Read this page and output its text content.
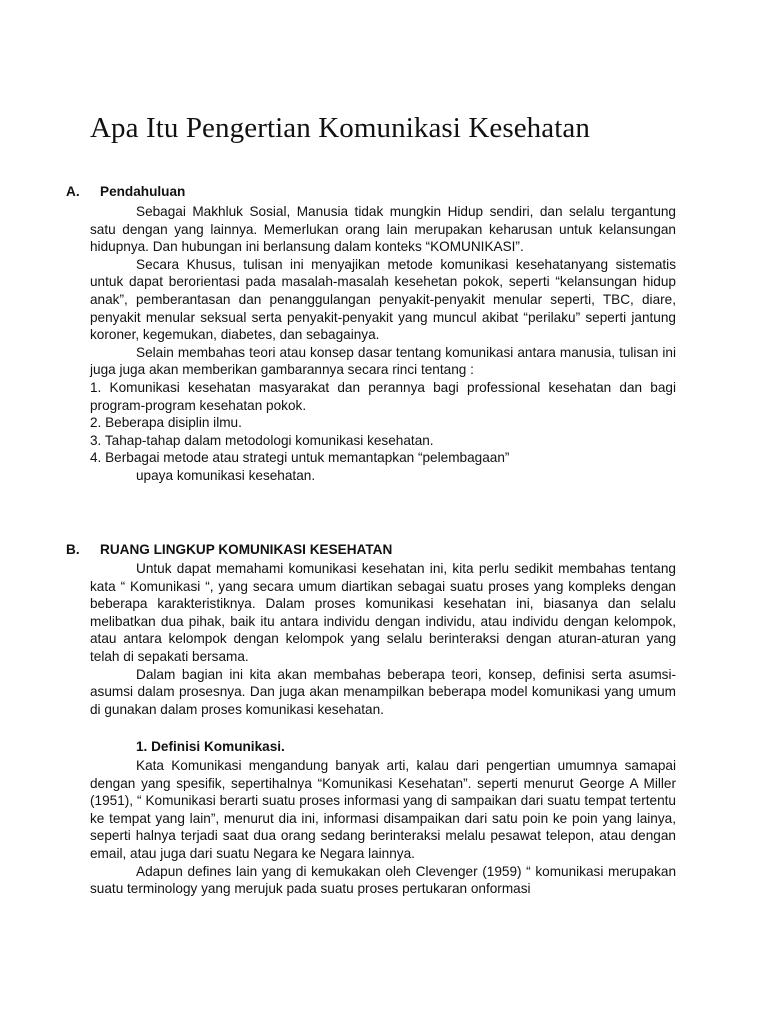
Apa Itu Pengertian Komunikasi Kesehatan
A. Pendahuluan

Sebagai Makhluk Sosial, Manusia tidak mungkin Hidup sendiri, dan selalu tergantung satu dengan yang lainnya. Memerlukan orang lain merupakan keharusan untuk kelansungan hidupnya. Dan hubungan ini berlansung dalam konteks “KOMUNIKASI”.

Secara Khusus, tulisan ini menyajikan metode komunikasi kesehatanyang sistematis untuk dapat berorientasi pada masalah-masalah kesehetan pokok, seperti “kelansungan hidup anak”, pemberantasan dan penanggulangan penyakit-penyakit menular seperti, TBC, diare, penyakit menular seksual serta penyakit-penyakit yang muncul akibat “perilaku” seperti jantung koroner, kegemukan, diabetes, dan sebagainya.

Selain membahas teori atau konsep dasar tentang komunikasi antara manusia, tulisan ini juga juga akan memberikan gambarannya secara rinci tentang :

1. Komunikasi kesehatan masyarakat dan perannya bagi professional kesehatan dan bagi program-program kesehatan pokok.
2. Beberapa disiplin ilmu.
3. Tahap-tahap dalam metodologi komunikasi kesehatan.
4. Berbagai metode atau strategi untuk memantapkan “pelembagaan”
upaya komunikasi kesehatan.
B. RUANG LINGKUP KOMUNIKASI KESEHATAN

Untuk dapat memahami komunikasi kesehatan ini, kita perlu sedikit membahas tentang kata “ Komunikasi “, yang secara umum diartikan sebagai suatu proses yang kompleks dengan beberapa karakteristiknya. Dalam proses komunikasi kesehatan ini, biasanya dan selalu melibatkan dua pihak, baik itu antara individu dengan individu, atau individu dengan kelompok, atau antara kelompok dengan kelompok yang selalu berinteraksi dengan aturan-aturan yang telah di sepakati bersama.

Dalam bagian ini kita akan membahas beberapa teori, konsep, definisi serta asumsi-asumsi dalam prosesnya. Dan juga akan menampilkan beberapa model komunikasi yang umum di gunakan dalam proses komunikasi kesehatan.

1. Definisi Komunikasi.

Kata Komunikasi mengandung banyak arti, kalau dari pengertian umumnya samapai dengan yang spesifik, sepertihalnya “Komunikasi Kesehatan”. seperti menurut George A Miller (1951), “ Komunikasi berarti suatu proses informasi yang di sampaikan dari suatu tempat tertentu ke tempat yang lain”, menurut dia ini, informasi disampaikan dari satu poin ke poin yang lainya, seperti halnya terjadi saat dua orang sedang berinteraksi melalu pesawat telepon, atau dengan email, atau juga dari suatu Negara ke Negara lainnya.

Adapun defines lain yang di kemukakan oleh Clevenger (1959) “ komunikasi merupakan suatu terminology yang merujuk pada suatu proses pertukaran onformasi
